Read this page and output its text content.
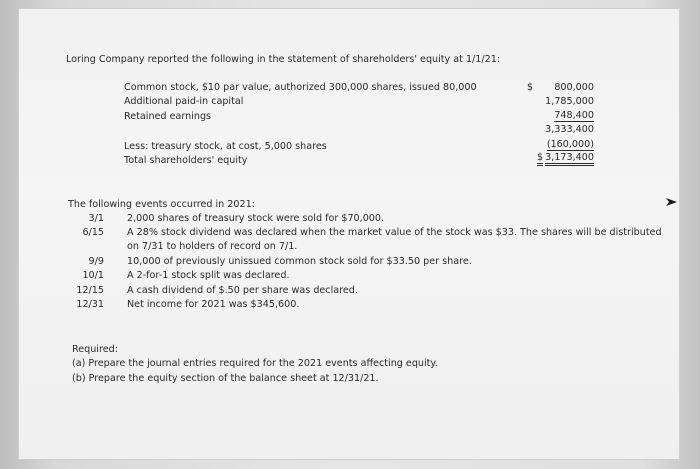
Loring Company reported the following in the statement of shareholders' equity at 1/1/21:
Common stock, $10 par value, authorized 300,000 shares, issued 80,000	$	800,000
Additional paid-in capital	1,785,000
Retained earnings	748,400
3,333,400
Less: treasury stock, at cost, 5,000 shares	(160,000)
Total shareholders' equity	$ 3,173,400
The following events occurred in 2021:
3/1 2,000 shares of treasury stock were sold for $70,000.
6/15 A 28% stock dividend was declared when the market value of the stock was $33. The shares will be distributed
on 7/31 to holders of record on 7/1.
9/9 10,000 of previously unissued common stock sold for $33.50 per share.
10/1 A 2-for-1 stock split was declared.
12/15 A cash dividend of $.50 per share was declared.
12/31 Net income for 2021 was $345,600.
Required:
(a) Prepare the journal entries required for the 2021 events affecting equity.
(b) Prepare the equity section of the balance sheet at 12/31/21.
